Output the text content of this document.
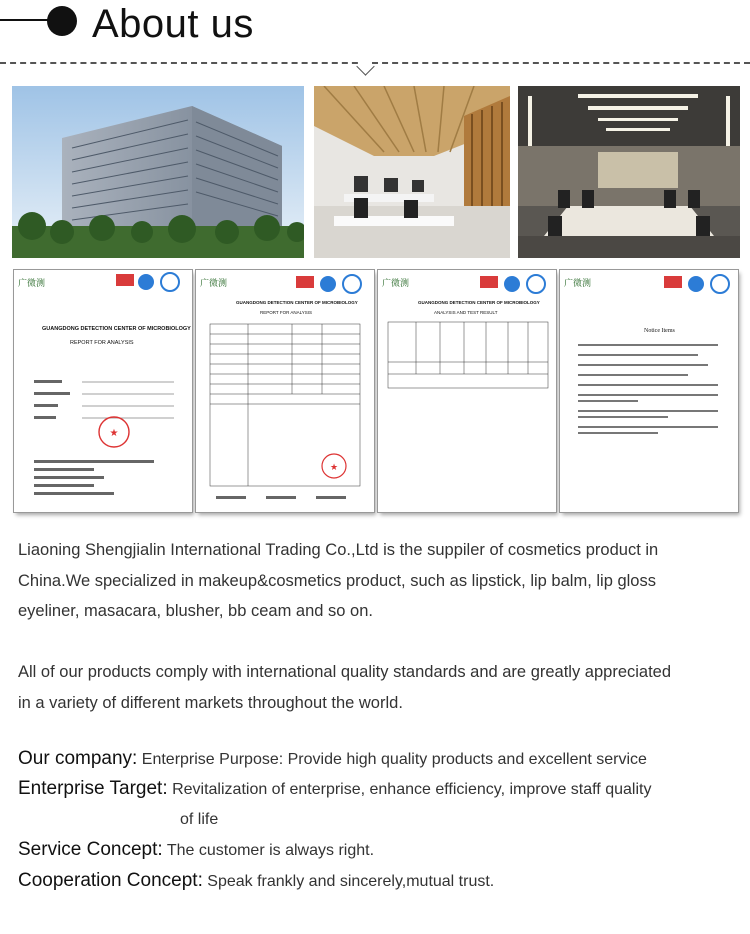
About us
广微测
GUANGDONG DETECTION CENTER OF MICROBIOLOGY
REPORT FOR ANALYSIS
★
广微测
GUANGDONG DETECTION CENTER OF MICROBIOLOGY
REPORT FOR ANALYSIS
★
广微测
GUANGDONG DETECTION CENTER OF MICROBIOLOGY
ANALYSIS AND TEST RESULT
广微测
Notice Items
Liaoning Shengjialin International Trading Co.,Ltd is the suppiler of cosmetics product in
China.We specialized in makeup&cosmetics product, such as lipstick, lip balm, lip gloss
eyeliner, masacara, blusher, bb ceam and so on.
All of our products comply with international quality standards and are greatly appreciated
in a variety of different markets throughout the world.
Our company: Enterprise Purpose: Provide high quality products and excellent service
Enterprise Target: Revitalization of enterprise, enhance efficiency, improve staff quality
of life
Service Concept: The customer is always right.
Cooperation Concept: Speak frankly and sincerely,mutual trust.
